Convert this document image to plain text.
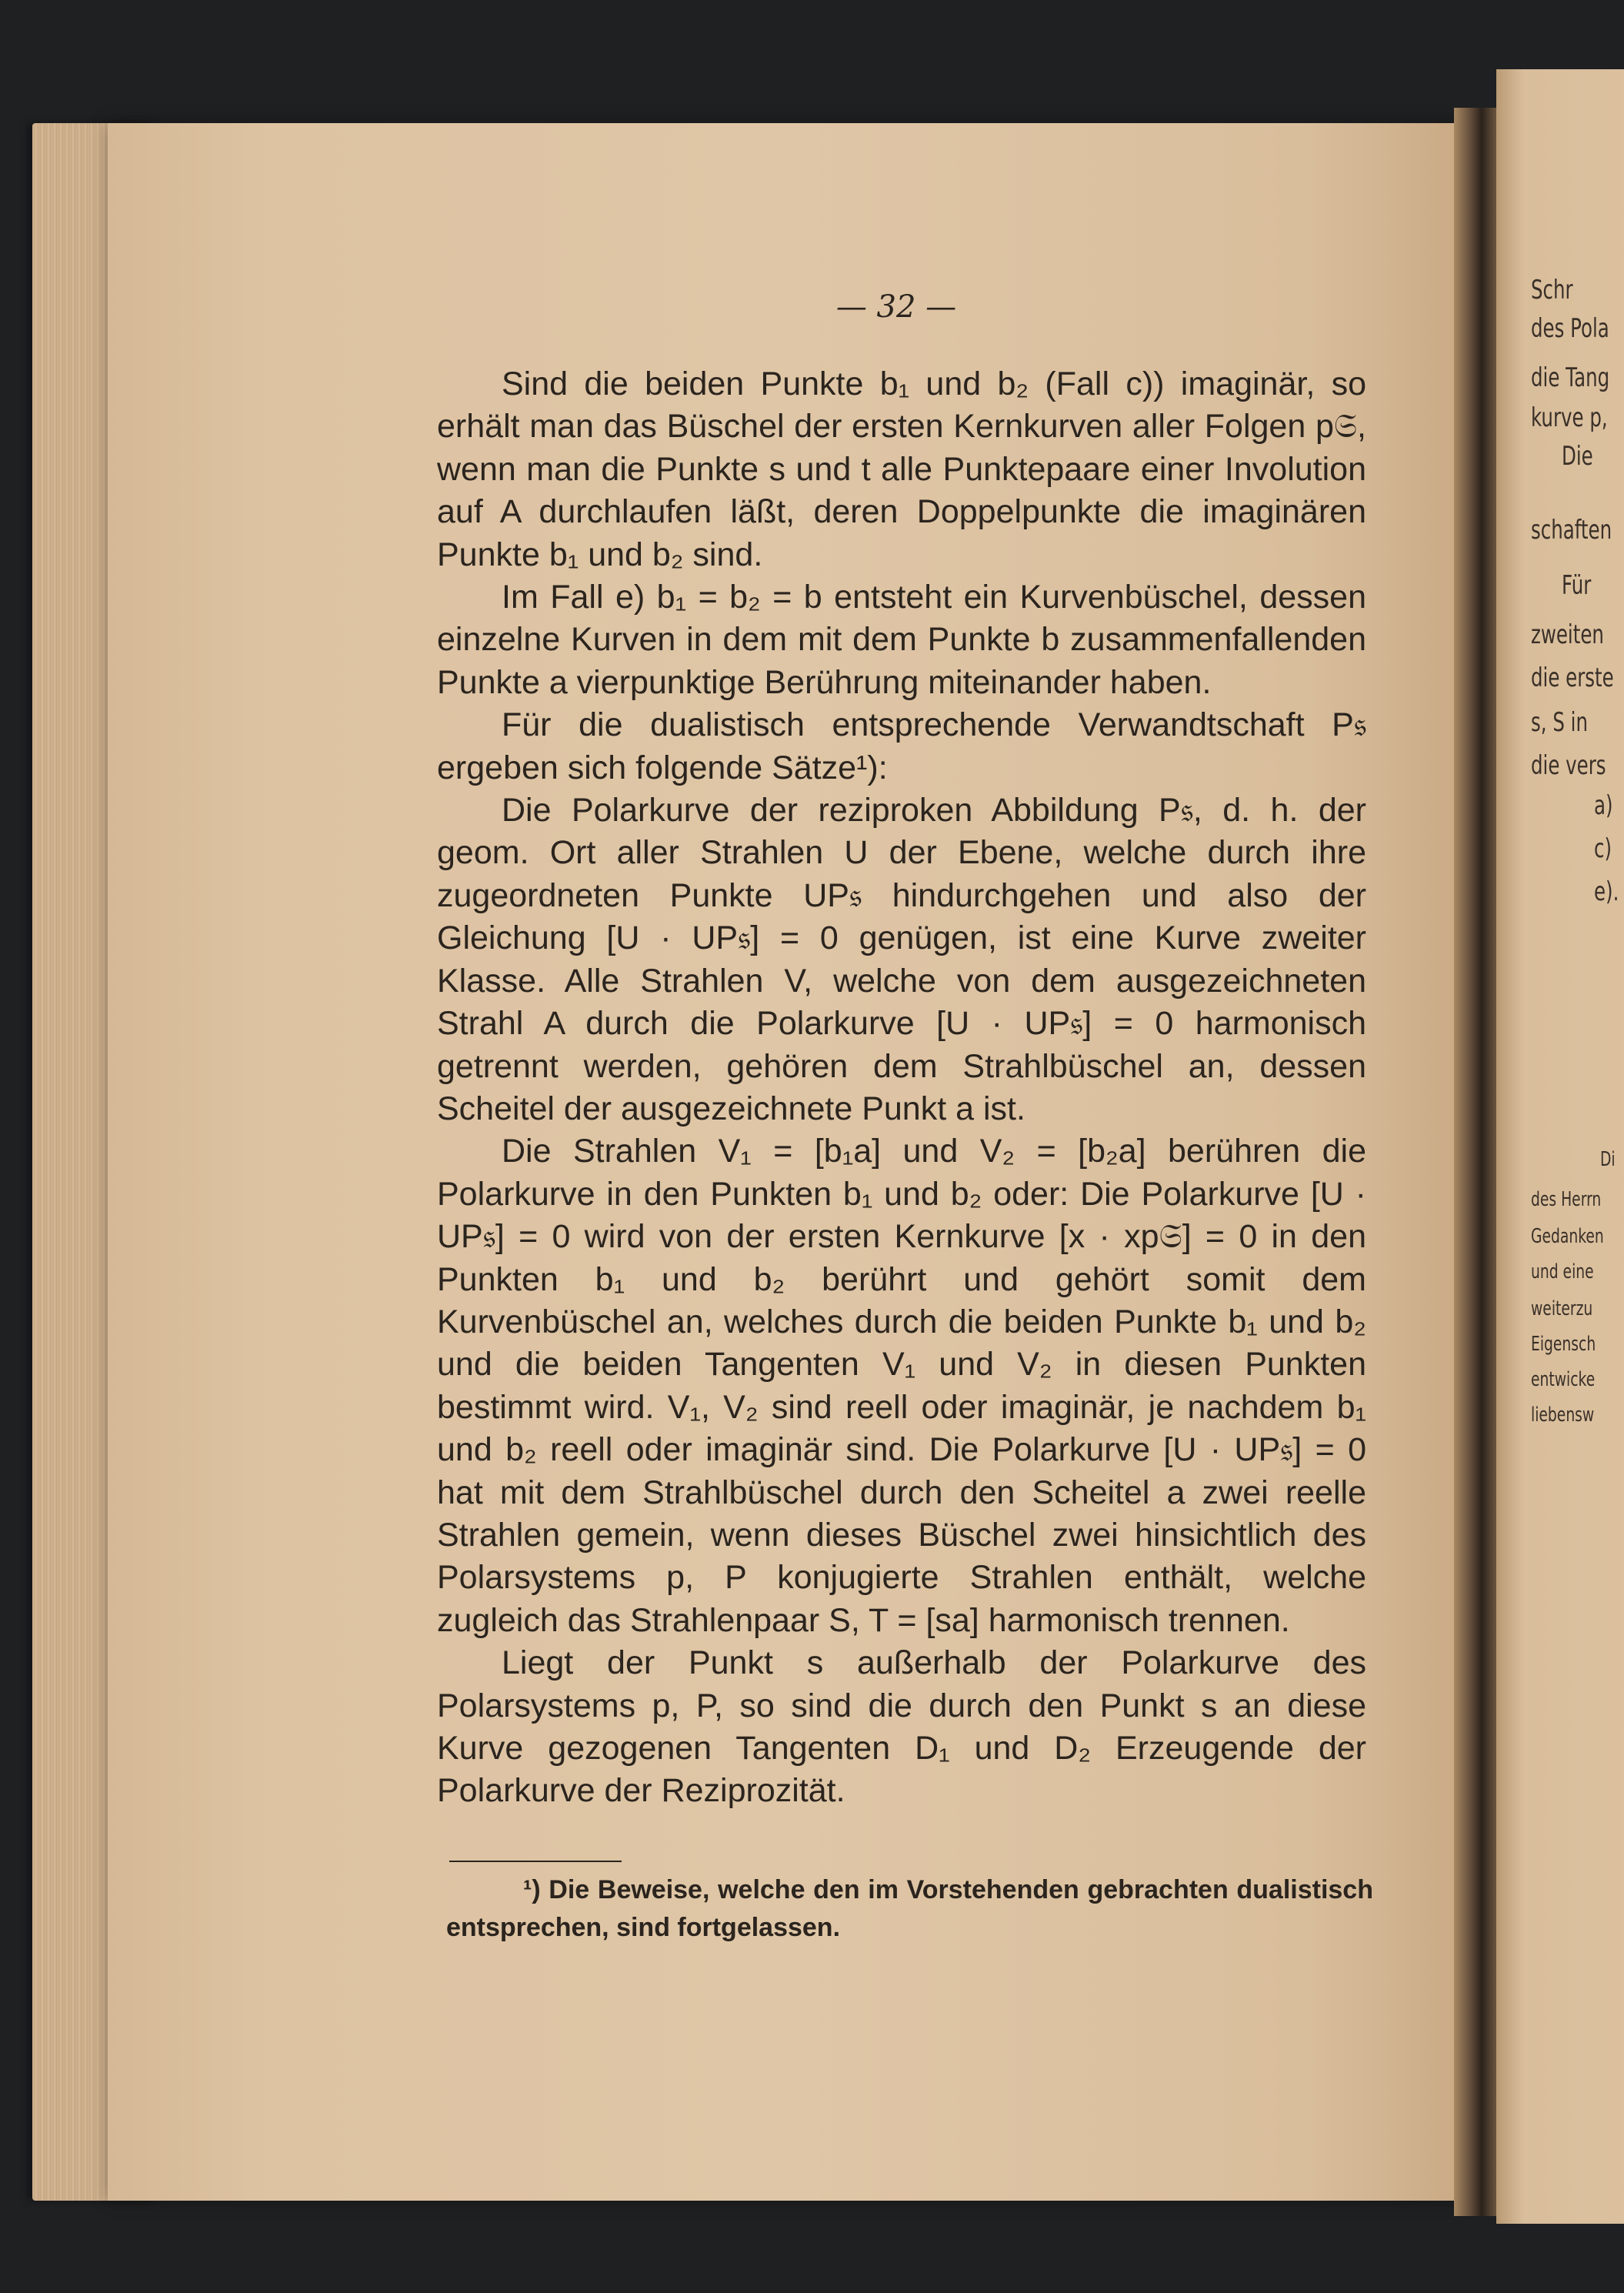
— 32 —

Sind die beiden Punkte b₁ und b₂ (Fall c)) imaginär, so erhält man das Büschel der ersten Kernkurven aller Folgen p𝔖, wenn man die Punkte s und t alle Punktepaare einer Involution auf A durchlaufen läßt, deren Doppelpunkte die imaginären Punkte b₁ und b₂ sind.

Im Fall e) b₁ = b₂ = b entsteht ein Kurvenbüschel, dessen einzelne Kurven in dem mit dem Punkte b zusammenfallenden Punkte a vierpunktige Berührung miteinander haben.

Für die dualistisch entsprechende Verwandtschaft P𝔰 ergeben sich folgende Sätze¹):

Die Polarkurve der reziproken Abbildung P𝔰, d. h. der geom. Ort aller Strahlen U der Ebene, welche durch ihre zugeordneten Punkte UP𝔰 hindurchgehen und also der Gleichung [U · UP𝔰] = 0 genügen, ist eine Kurve zweiter Klasse. Alle Strahlen V, welche von dem ausgezeichneten Strahl A durch die Polarkurve [U · UP𝔰] = 0 harmonisch getrennt werden, gehören dem Strahlbüschel an, dessen Scheitel der ausgezeichnete Punkt a ist.

Die Strahlen V₁ = [b₁a] und V₂ = [b₂a] berühren die Polarkurve in den Punkten b₁ und b₂ oder: Die Polarkurve [U · UP𝔰] = 0 wird von der ersten Kernkurve [x · xp𝔖] = 0 in den Punkten b₁ und b₂ berührt und gehört somit dem Kurvenbüschel an, welches durch die beiden Punkte b₁ und b₂ und die beiden Tangenten V₁ und V₂ in diesen Punkten bestimmt wird. V₁, V₂ sind reell oder imaginär, je nachdem b₁ und b₂ reell oder imaginär sind. Die Polarkurve [U · UP𝔰] = 0 hat mit dem Strahlbüschel durch den Scheitel a zwei reelle Strahlen gemein, wenn dieses Büschel zwei hinsichtlich des Polarsystems p, P konjugierte Strahlen enthält, welche zugleich das Strahlenpaar S, T = [sa] harmonisch trennen.

Liegt der Punkt s außerhalb der Polarkurve des Polarsystems p, P, so sind die durch den Punkt s an diese Kurve gezogenen Tangenten D₁ und D₂ Erzeugende der Polarkurve der Reziprozität.

¹) Die Beweise, welche den im Vorstehenden gebrachten dualistisch entsprechen, sind fortgelassen.
Schr
des Pola
die Tang
kurve p,
Die
schaften
Für
zweiten
die erste
s, S in
die vers
a)
c)
e).
Di
des Herrn
Gedanken
und eine
weiterzu
Eigensch
entwicke
liebensw
